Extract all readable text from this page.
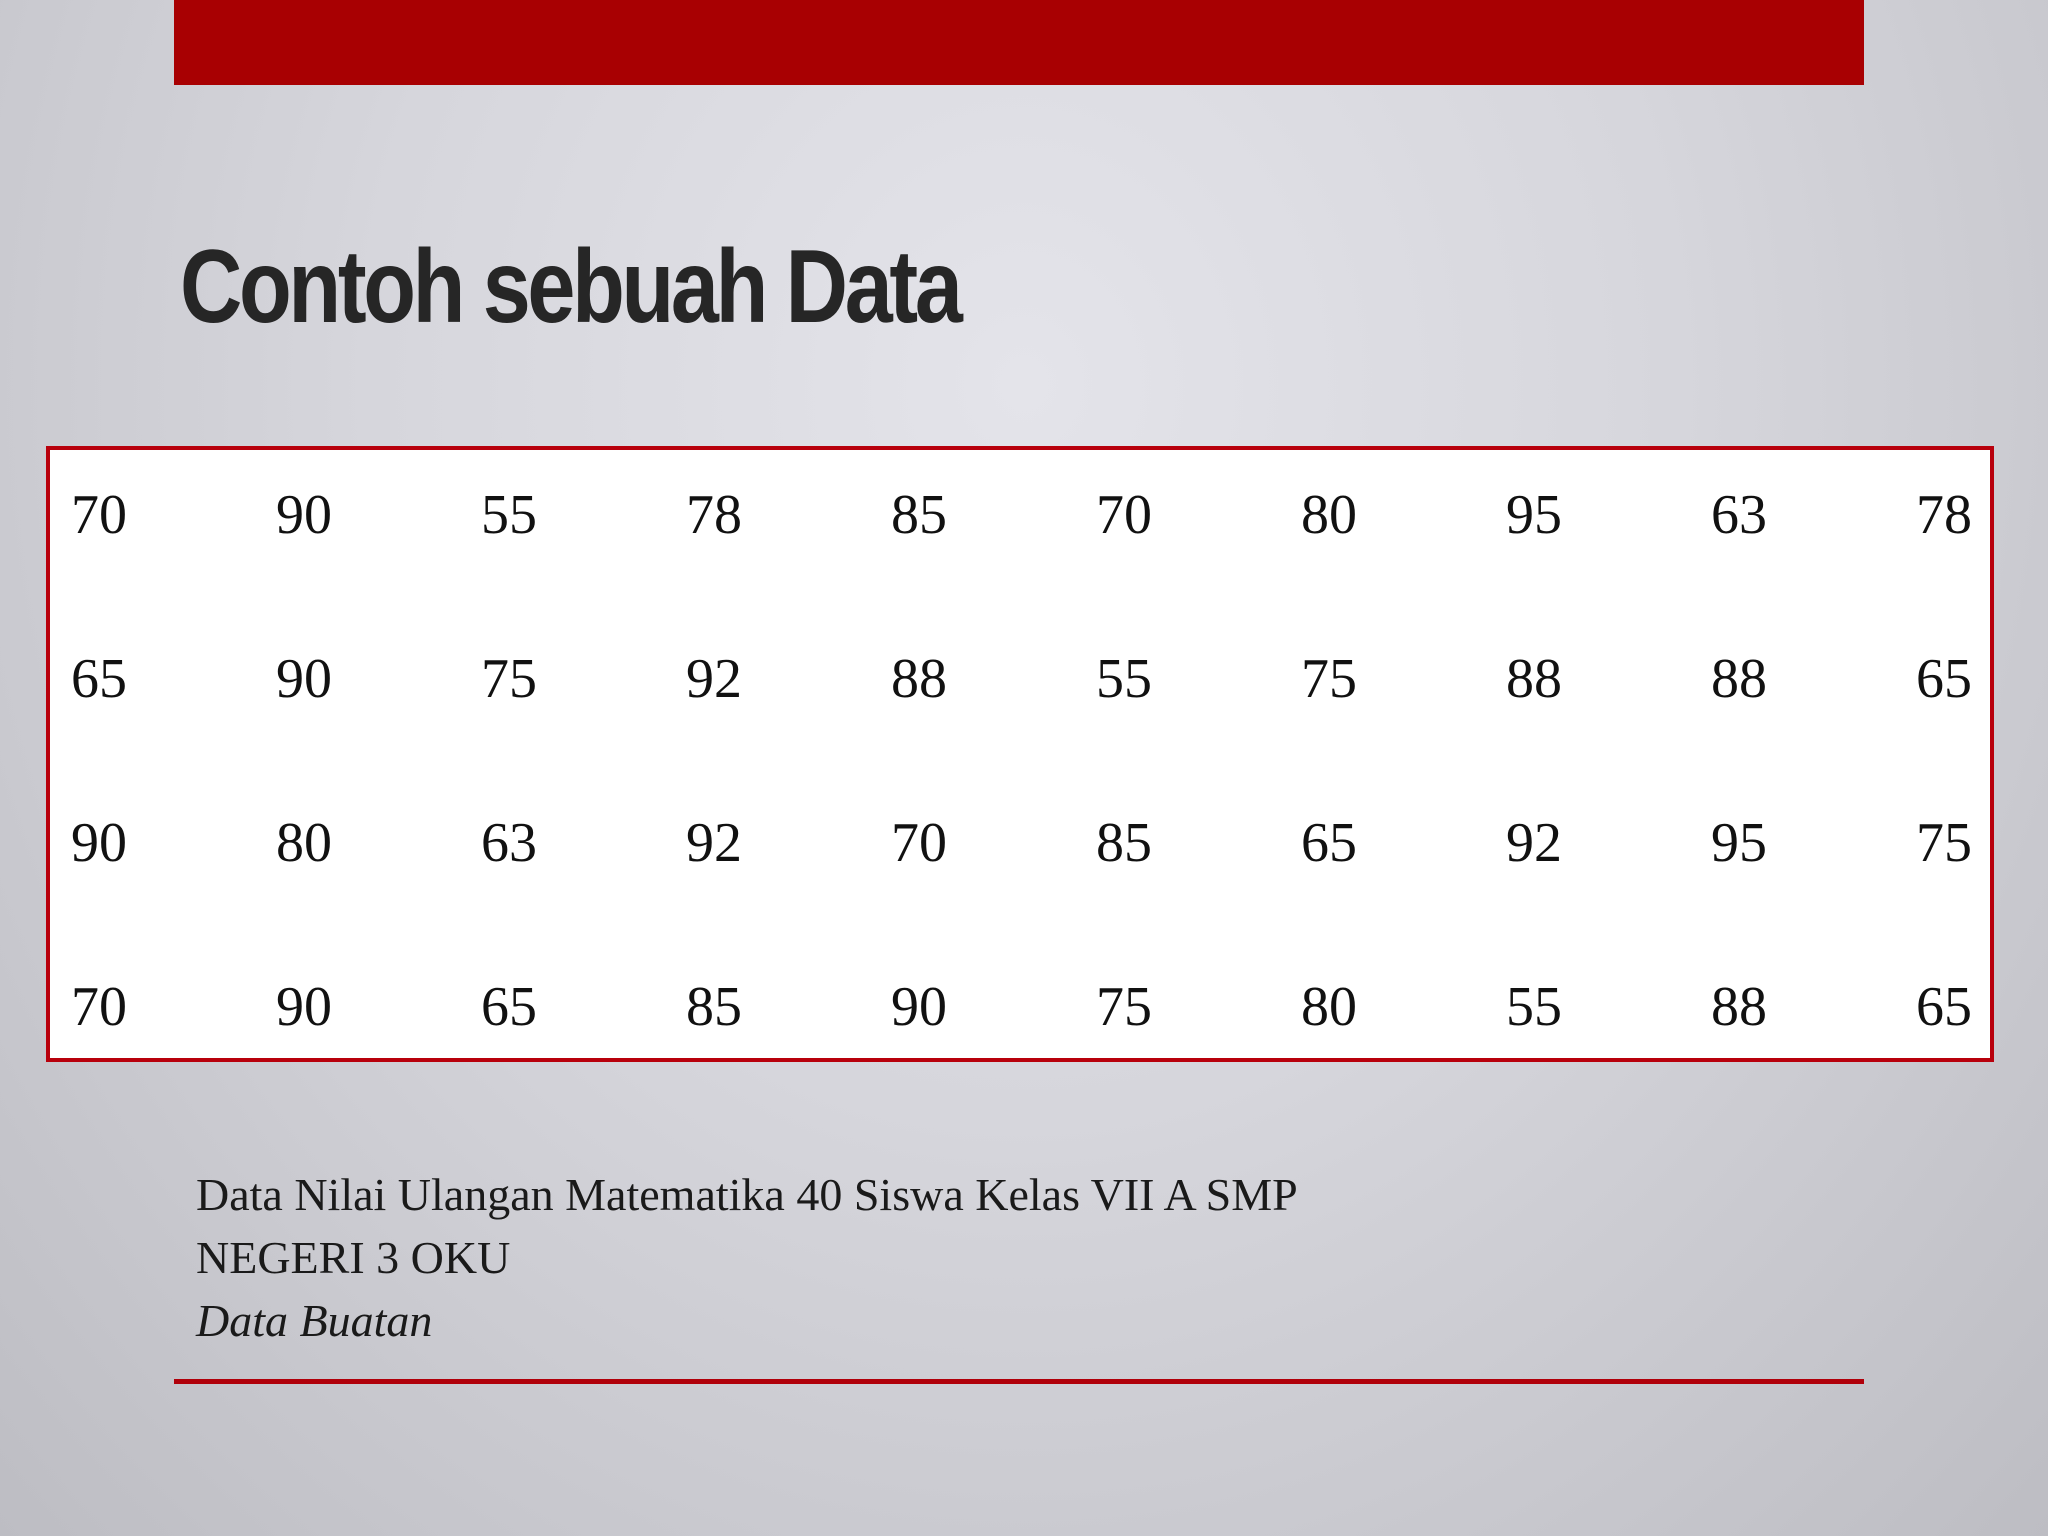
Contoh sebuah Data
70	90	55	78	85	70	80	95	63	78
65	90	75	92	88	55	75	88	88	65
90	80	63	92	70	85	65	92	95	75
70	90	65	85	90	75	80	55	88	65
Data Nilai Ulangan Matematika 40 Siswa Kelas VII A SMP
NEGERI 3 OKU
Data Buatan
